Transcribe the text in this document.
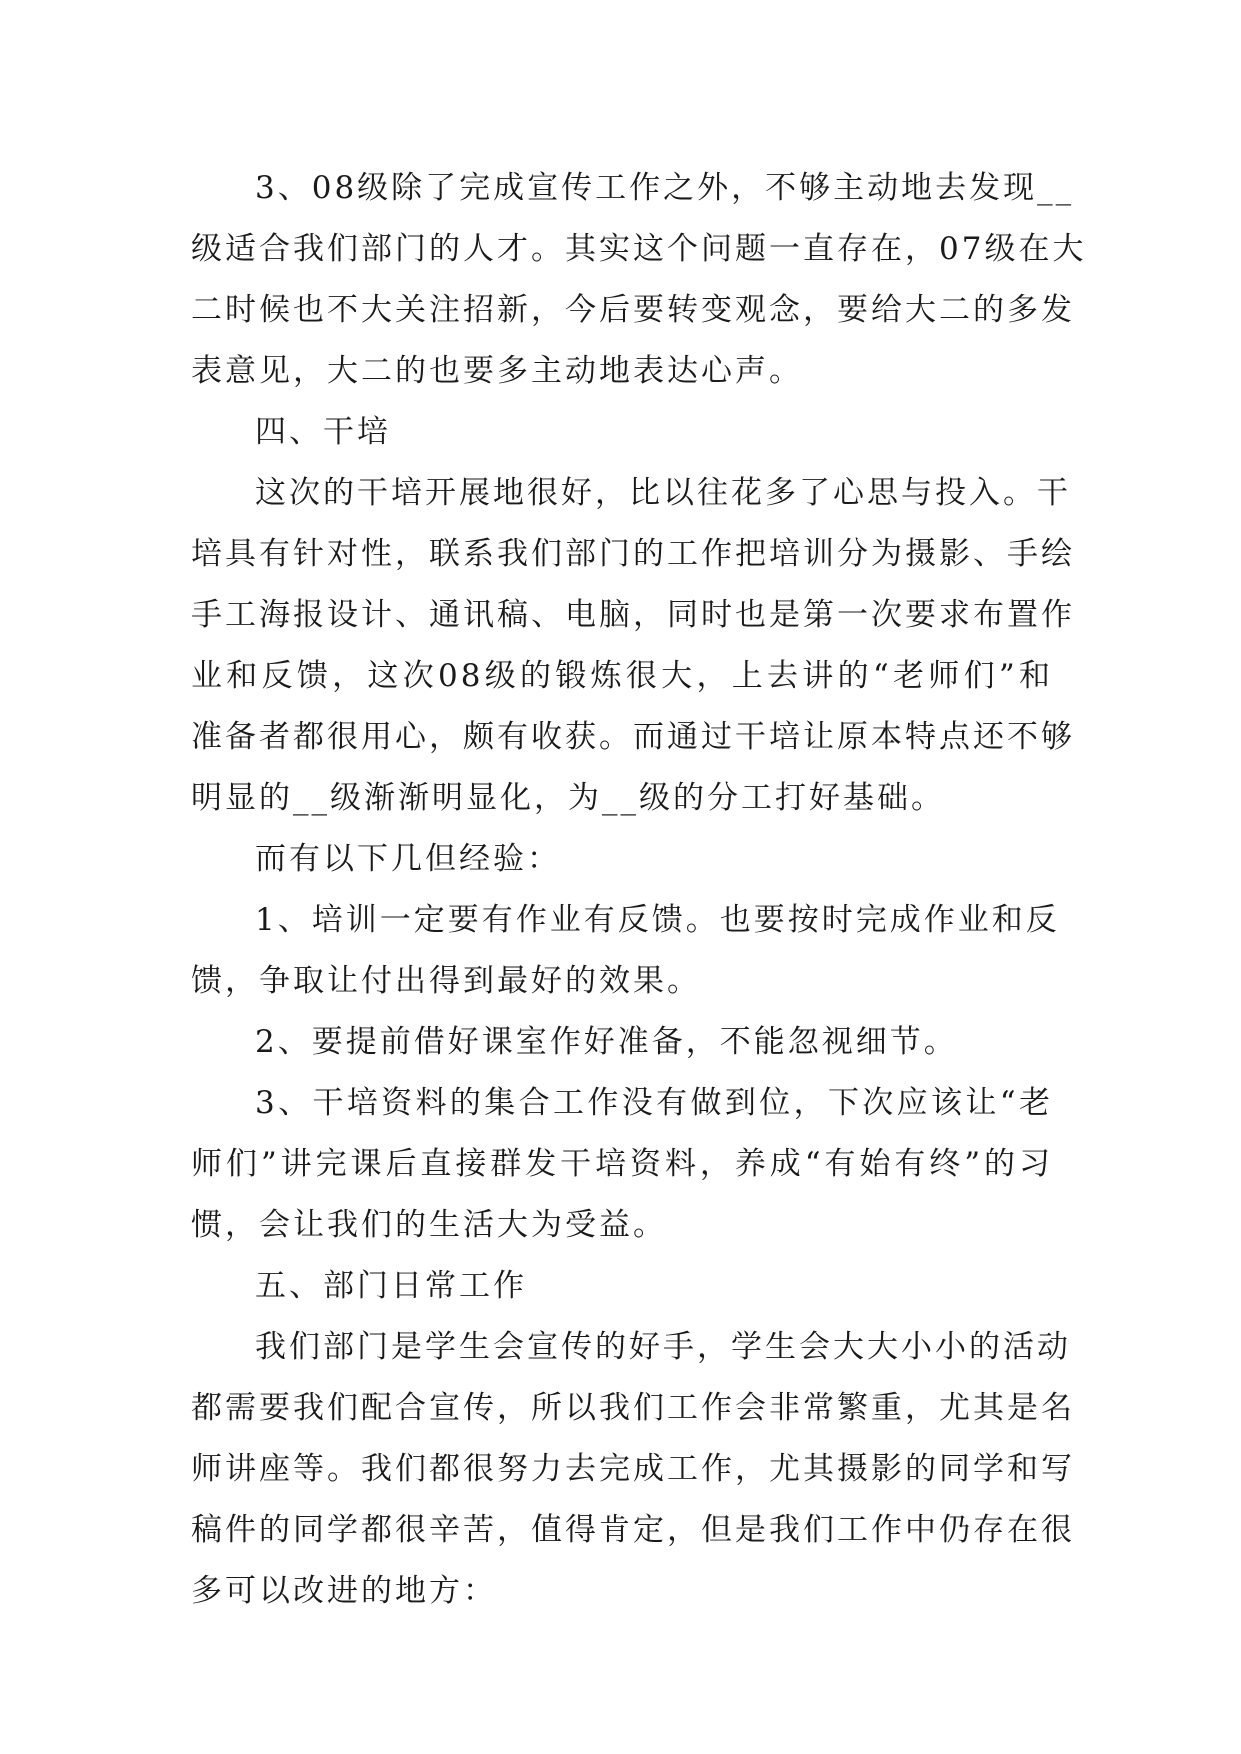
3、08级除了完成宣传工作之外，不够主动地去发现__
级适合我们部门的人才。其实这个问题一直存在，07级在大
二时候也不大关注招新，今后要转变观念，要给大二的多发
表意见，大二的也要多主动地表达心声。
四、干培
这次的干培开展地很好，比以往花多了心思与投入。干
培具有针对性，联系我们部门的工作把培训分为摄影、手绘
手工海报设计、通讯稿、电脑，同时也是第一次要求布置作
业和反馈，这次08级的锻炼很大，上去讲的“老师们”和
准备者都很用心，颇有收获。而通过干培让原本特点还不够
明显的__级渐渐明显化，为__级的分工打好基础。
而有以下几但经验：
1、培训一定要有作业有反馈。也要按时完成作业和反
馈，争取让付出得到最好的效果。
2、要提前借好课室作好准备，不能忽视细节。
3、干培资料的集合工作没有做到位，下次应该让“老
师们”讲完课后直接群发干培资料，养成“有始有终”的习
惯，会让我们的生活大为受益。
五、部门日常工作
我们部门是学生会宣传的好手，学生会大大小小的活动
都需要我们配合宣传，所以我们工作会非常繁重，尤其是名
师讲座等。我们都很努力去完成工作，尤其摄影的同学和写
稿件的同学都很辛苦，值得肯定，但是我们工作中仍存在很
多可以改进的地方：
